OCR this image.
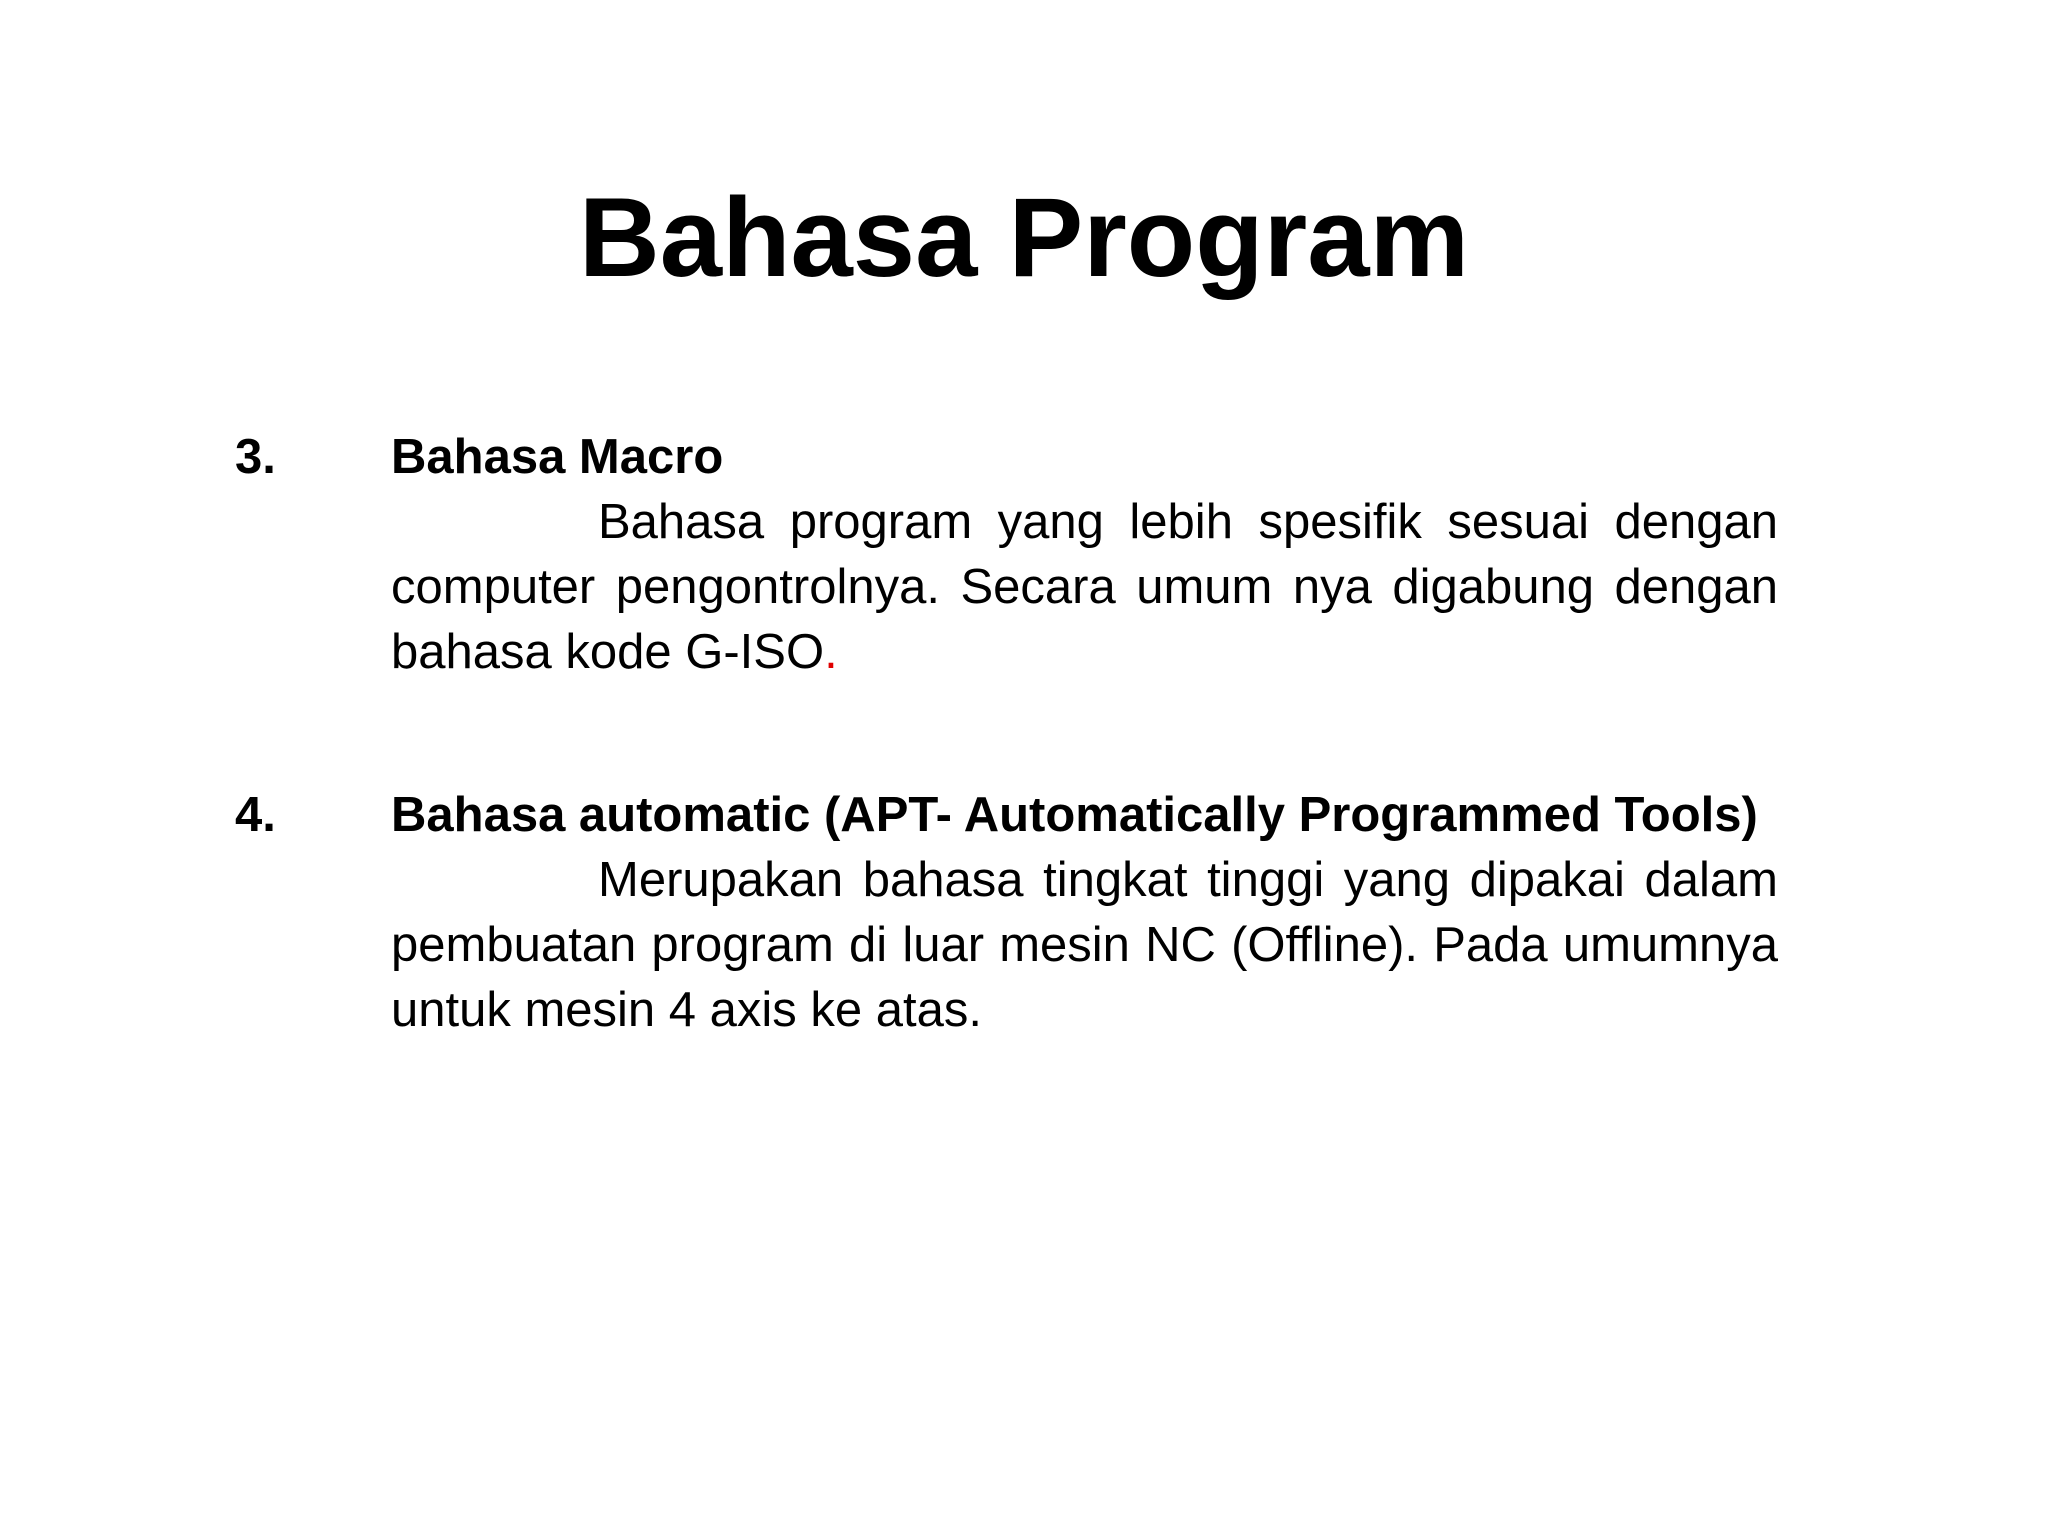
Bahasa Program
3. Bahasa Macro
Bahasa program yang lebih spesifik sesuai dengan computer pengontrolnya. Secara umum nya digabung dengan bahasa kode G-ISO.
4. Bahasa automatic (APT- Automatically Programmed Tools)
Merupakan bahasa tingkat tinggi yang dipakai dalam pembuatan program di luar mesin NC (Offline). Pada umumnya untuk mesin 4 axis ke atas.
